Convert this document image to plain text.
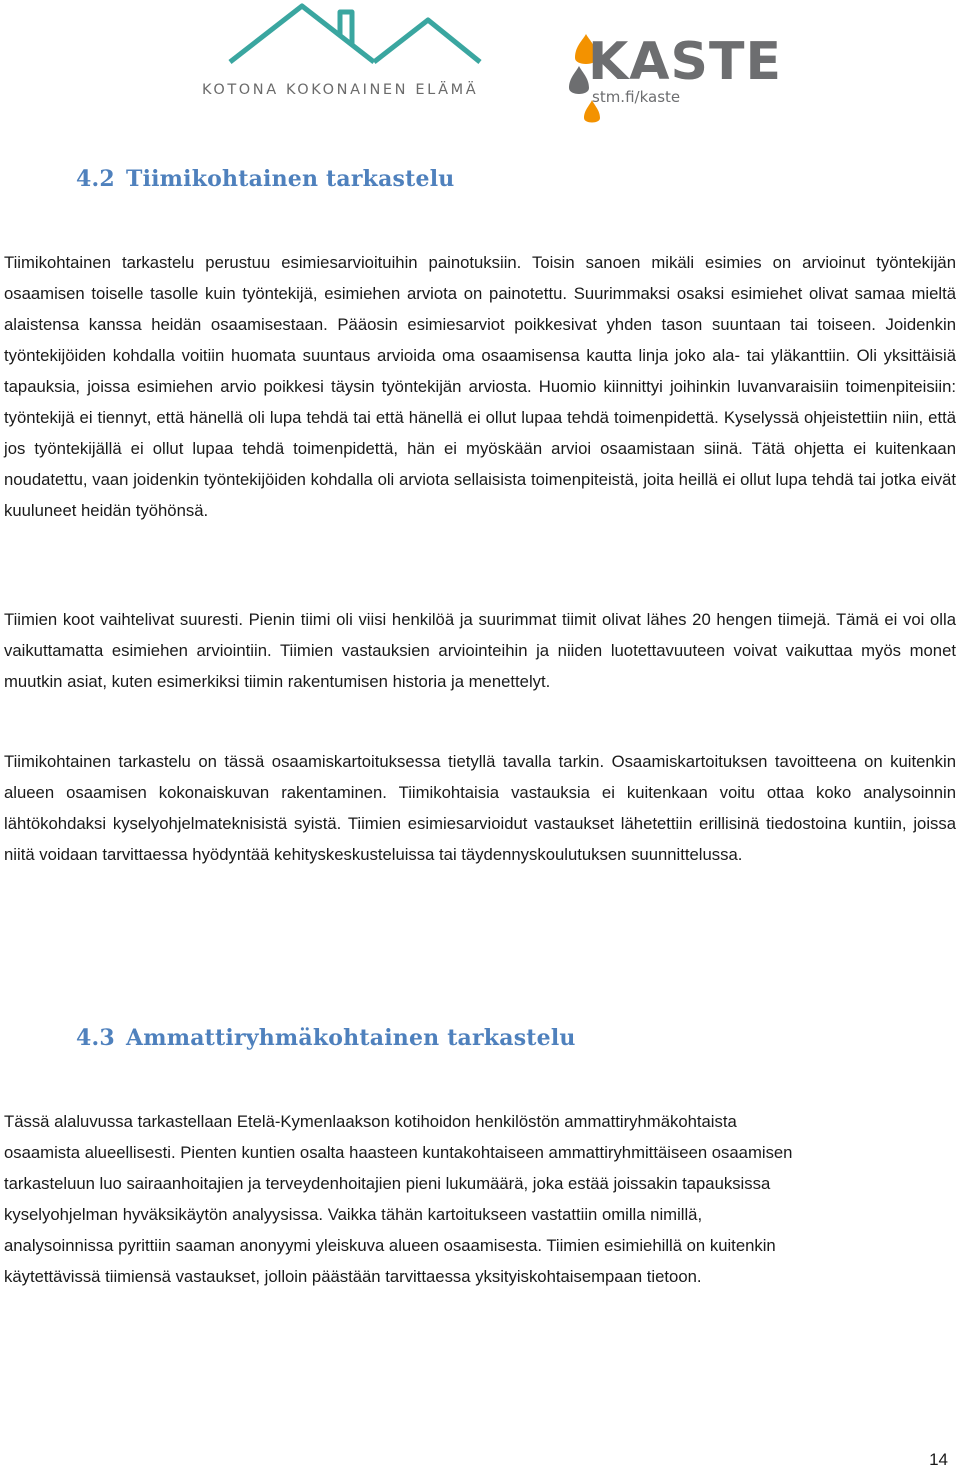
KOTONA KOKONAINEN ELÄMÄ KASTE
stm.fi/kaste
4.2 Tiimikohtainen tarkastelu

Tiimikohtainen tarkastelu perustuu esimiesarvioituihin painotuksiin. Toisin sanoen mikäli esimies on arvioinut työntekijän osaamisen toiselle tasolle kuin työntekijä, esimiehen arviota on painotettu. Suurimmaksi osaksi esimiehet olivat samaa mieltä alaistensa kanssa heidän osaamisestaan. Pääosin esimiesarviot poikkesivat yhden tason suuntaan tai toiseen. Joidenkin työntekijöiden kohdalla voitiin huomata suuntaus arvioida oma osaamisensa kautta linja joko ala- tai yläkanttiin. Oli yksittäisiä tapauksia, joissa esimiehen arvio poikkesi täysin työntekijän arviosta. Huomio kiinnittyi joihinkin luvanvaraisiin toimenpiteisiin: työntekijä ei tiennyt, että hänellä oli lupa tehdä tai että hänellä ei ollut lupaa tehdä toimenpidettä. Kyselyssä ohjeistettiin niin, että jos työntekijällä ei ollut lupaa tehdä toimenpidettä, hän ei myöskään arvioi osaamistaan siinä. Tätä ohjetta ei kuitenkaan noudatettu, vaan joidenkin työntekijöiden kohdalla oli arviota sellaisista toimenpiteistä, joita heillä ei ollut lupa tehdä tai jotka eivät kuuluneet heidän työhönsä.

Tiimien koot vaihtelivat suuresti. Pienin tiimi oli viisi henkilöä ja suurimmat tiimit olivat lähes 20 hengen tiimejä. Tämä ei voi olla vaikuttamatta esimiehen arviointiin. Tiimien vastauksien arviointeihin ja niiden luotettavuuteen voivat vaikuttaa myös monet muutkin asiat, kuten esimerkiksi tiimin rakentumisen historia ja menettelyt.

Tiimikohtainen tarkastelu on tässä osaamiskartoituksessa tietyllä tavalla tarkin. Osaamiskartoituksen tavoitteena on kuitenkin alueen osaamisen kokonaiskuvan rakentaminen. Tiimikohtaisia vastauksia ei kuitenkaan voitu ottaa koko analysoinnin lähtökohdaksi kyselyohjelmateknisistä syistä. Tiimien esimiesarvioidut vastaukset lähetettiin erillisinä tiedostoina kuntiin, joissa niitä voidaan tarvittaessa hyödyntää kehityskeskusteluissa tai täydennyskoulutuksen suunnittelussa.

4.3 Ammattiryhmäkohtainen tarkastelu
Tässä alaluvussa tarkastellaan Etelä-Kymenlaakson kotihoidon henkilöstön ammattiryhmäkohtaista
osaamista alueellisesti. Pienten kuntien osalta haasteen kuntakohtaiseen ammattiryhmittäiseen osaamisen
tarkasteluun luo sairaanhoitajien ja terveydenhoitajien pieni lukumäärä, joka estää joissakin tapauksissa
kyselyohjelman hyväksikäytön analyysissa. Vaikka tähän kartoitukseen vastattiin omilla nimillä,
analysoinnissa pyrittiin saaman anonyymi yleiskuva alueen osaamisesta. Tiimien esimiehillä on kuitenkin
käytettävissä tiimiensä vastaukset, jolloin päästään tarvittaessa yksityiskohtaisempaan tietoon.
14
